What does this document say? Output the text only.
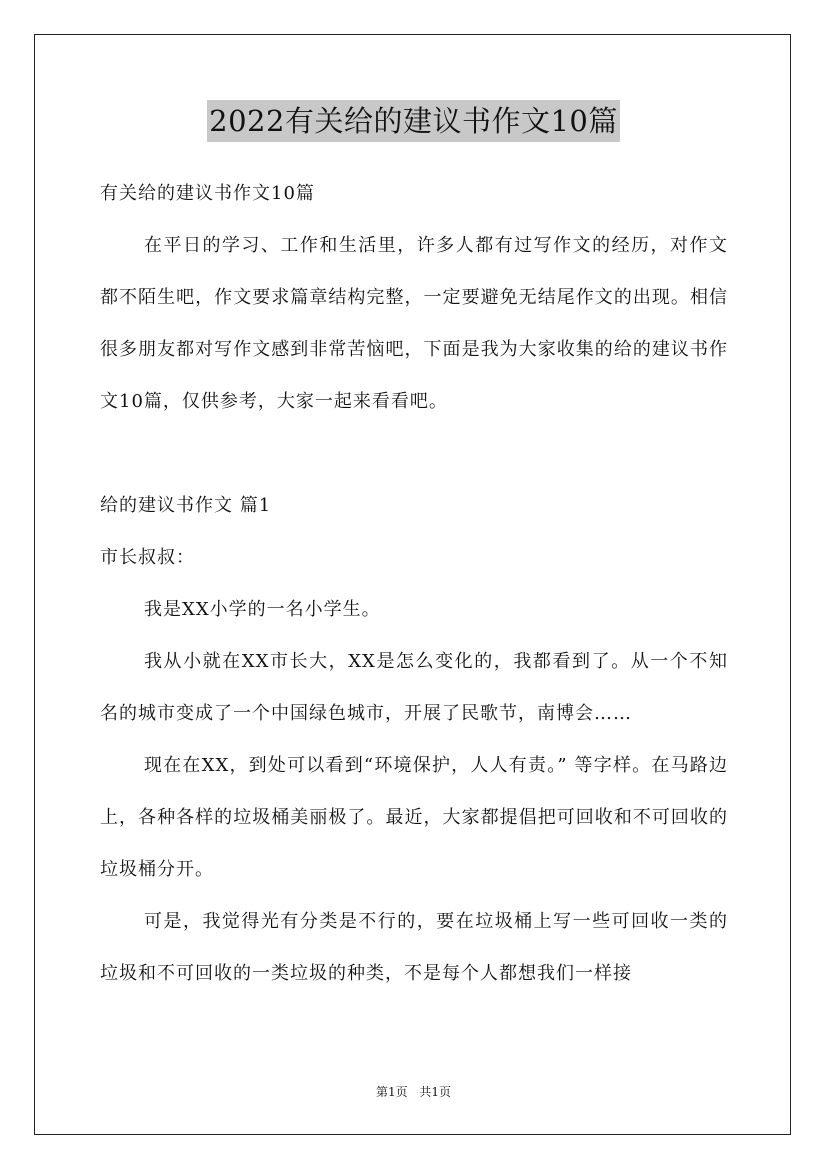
2022有关给的建议书作文10篇
有关给的建议书作文10篇

在平日的学习、工作和生活里，许多人都有过写作文的经历，对作文都不陌生吧，作文要求篇章结构完整，一定要避免无结尾作文的出现。相信很多朋友都对写作文感到非常苦恼吧，下面是我为大家收集的给的建议书作文10篇，仅供参考，大家一起来看看吧。

给的建议书作文 篇1
市长叔叔：

我是XX小学的一名小学生。

我从小就在XX市长大，XX是怎么变化的，我都看到了。从一个不知名的城市变成了一个中国绿色城市，开展了民歌节，南博会……

现在在XX，到处可以看到“环境保护，人人有责。” 等字样。在马路边上，各种各样的垃圾桶美丽极了。最近，大家都提倡把可回收和不可回收的垃圾桶分开。

可是，我觉得光有分类是不行的，要在垃圾桶上写一些可回收一类的垃圾和不可回收的一类垃圾的种类，不是每个人都想我们一样接

第1页 共1页
